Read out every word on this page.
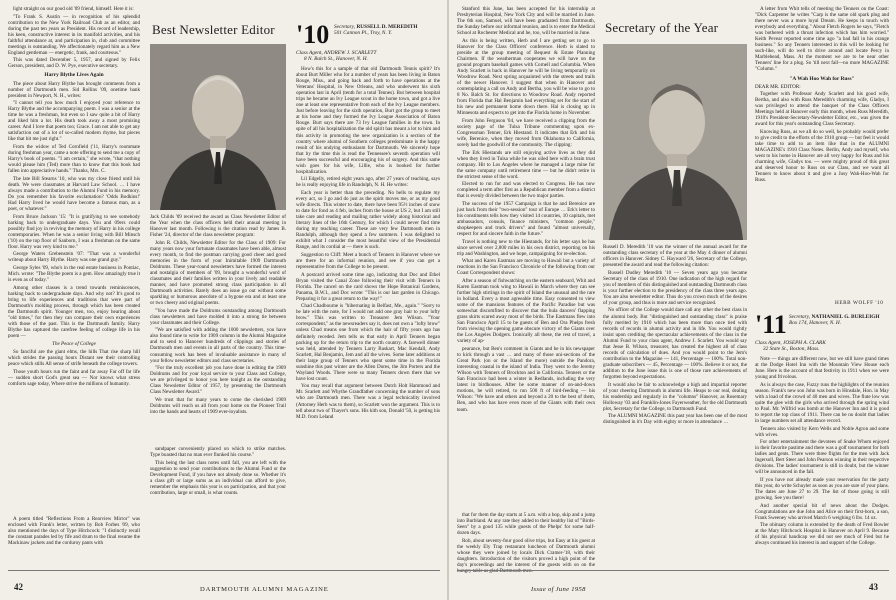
light straight on our good old '09 friend, himself. Here it is:

"To Frank S. Austin — in recognition of his splendid contribution to the New York Railroad Club as an editor, and during the past ten years as President. His record of leadership, his keen, constructive interest in its manifold activities, and his faithful attendance at, and participation in, club and committee meetings is outstanding. We affectionately regard him as a New England gentleman — energetic, frank, and courteous."

This was dated December 5, 1957, and signed by Felix Gerson, president, and D. W. Pye, executive secretary.

Harry Blythe Lives Again

The piece about Harry Blythe has brought comments from a number of Dartmouth men. Sid Rollins '09, onetime bank president in Newport, N. H., writes:

"I cannot tell you how much I enjoyed your reference to Harry Blythe and the accompanying poem. I was a senior at the time he was a freshman, but even so I saw quite a bit of Harry and liked him a lot. His death took away a most promising career. And I love that poem too; Grace. I am not able to get any satisfaction out of a lot of so-called modern rhyme, but pieces like that hit me just right."

From the widow of Ted Cornfield ('11, Harry's roommate during freshman year, came a note offering to send me a copy of Harry's book of poems. "I am certain," she wrote, "that nothing would please him (Ted) more than to know that this book had fallen into appreciative hands." Thanks, Mrs. C.

The late Bill Stearns '10, who was my close friend until his death. We were classmates at Harvard Law School. … I have always made a contribution to the Alumni Fund in his memory. Do you remember his favorite exclamation? 'Odds Bodkins!' Had Harry lived he would have become a famous man, as a poet, or whatever."

From Bruce Jackson '15: "It is gratifying to see somebody harking back to undergraduate days. You and 09ers could possibly find joy in reviving the memory of Harry in his college contemporaries. When he was a senior living with Bill Minsch ('10) on the top floor of Sanborn, I was a freshman on the same floor. Harry was very kind to me."

George Waters Grebenstein '07: "That was a wonderful writeup about Harry Blythe. Harry was one grand guy."

George Syles '09, who's in the real estate business in Pontiac, Mich. wrote: "The Blythe poem is a gem. How amazingly true it is even as of today."

Among other classes is a trend towards reminiscences, harking back to undergraduate days. And why not? It's good to bring to life experiences and traditions that were part of Dartmouth's molding process, through which has been created the Dartmouth spirit. Younger men, too, enjoy hearing about "old times," for then they can compare their own experiences with those of the past. This is the Dartmouth family. Harry Blythe has captured the carefree feeling of college life in his poem —

The Peace of College

So fanciful are the giant elms, the hills That rise sharp hill which strides the passing hours Distant see their controlling peace which stills All sense of strife beneath the college towers.

Those youth hours run the faint and far away Far off far life — sudden short God's great sea — Nor knows what stress comforts sage today, Where strive the millions of humanity.

A poem titled "Reflections From a Rearview Mirror" was enclosed with Frank's letter, written by Bob Forbes '09, who also mentioned the days of Type Hitchcock: "I distinctly recall the constant parades led by fife and drum to the final resume the Mackinaw jackets and the corduroy pants with

Best Newsletter Editor

Jack Childs '09 received the award as Class Newsletter Editor of the Year when the class officers held their annual meeting in Hanover last month. Following is the citation read by James B. Fisher '24, director of the class newsletter program:

John R. Childs, Newsletter Editor for the Class of 1909: For many years now your fortunate classmates have been able, almost every month, to find the postman carrying good cheer and good memories in the form of your Inimitable 1909 Dartmouth Doldrums. These year-round newsletters have formed the interest and nostalgia of members of '09, brought a wonderful word of classmates and their families written in your lively and readable manner, and have promoted strong class participation in all Dartmouth activities. Rarely does an issue go out without some sparkling or humorous anecdote of a bygone era and at least one or two cheery and original poems.

"You have made the Doldrums outstanding among Dartmouth class newsletters and have molded it into a strong tie between your classmates and their College.

"We are satisfied with adding the 1000 newsletters, you have also found time to write for 1909 column in the Alumni Magazine and to send to Hanover hundreds of clippings and stories of Dartmouth men and events in all parts of the country. This time-consuming work has been of invaluable assistance in many of your fellow newsletter editors and class secretaries.

"For the truly excellent job you have done in editing the 1909 Doldrums and for your loyal service to your Class and College, we are privileged to honor you here tonight as the outstanding Class Newsletter Editor of 1957, by presenting the Dartmouth Class Newsletter Award."

We trust that for many years to come the cherished 1909 Doldrums will reach us all from your home on the Pioneer Trail into the hands and hearts of 1909 ever-loyalists.

sandpaper conveniently placed on which to strike matches. Type boasted that no man ever flunked his course."

This being the last class notes until fall, you are left with the suggestion to send your contributions to the Alumni Fund or the Development Fund, if you have not already done so. Whether it's a class gift or large sums as an individual can afford to give, remember the emphasis this year is on participation, and that your contribution, large or small, is what counts.

'10 Secretary, RUSSELL D. MEREDITH
501 Cannon Pl., Troy, N. Y.
Class Agent, ANDREW J. SCARLETT
8 N. Balch St., Hanover, N. H.

How's this for a sample of that old Dartmouth Tennis spirit? It's about Burt Miller who for a number of years has been living in Baton Rouge, Miss., and going back and forth to have operations at the Veterans' Hospital, in New Orleans, and who underwent his sixth operation last in April (tenth for a total Tennes). But between hospital trips he became an Ivy League scout in the home town, and got a live one at least one representative from each of the Ivy League members. Just before leaving for the sixth operation, Burt got the group to meet at his home and they formed the Ivy League Association of Baton Rouge. Burt says there are 73 Ivy League families in the town. In spite of all his hospitalization the old spirit has meant a lot to him and this activity in promoting the new organization is a section of the country where alumni of Southern colleges predominate is the happy result of his undying enthusiasm for Dartmouth. We sincerely hope that by the time this is read the Tennessee's seventh operation will have been successful and encouraging his of surgery. And this same wish goes for his wife, Lillie, who is booked for further hospitalization.

Lil Edgelly, retired eight years ago, after 27 years of teaching, says he is really enjoying life in Randolph, N. H. He writes:

Each year is better than the preceding. No bells to regulate my every act, so I go and do just as the spirit moves me, or as my good wife directs. This winter to date, there have been 95½ inches of snow to date for fond as 4 feb, inches from the house at US 2, but I am still take care and reading and mailing rather widely along historical and literary lines of the 16th Century, for which I could never find time during my teaching career. These are very few Dartmouth men in Randolph, although they spend a few summers. I was delighted to exhibit what I consider the most beautiful view of the Presidential Range, and its cordial at — there is such.

Suggestion to Cliff: Meet a bunch of Tenners in Hanover where we are there for an informal reunion, and see if you can get a representative from the College to be present.

A postcard arrived some time ago, indicating that Doc and Ethel Bryan visited the Canal Zone following their visit with Tenners in Florida. The cancel on the card shows the Hope Botanical Gardens, Panama, B.W.I., and Doc wrote: "This is our last garden in Chicago. Preparing it for a great return to the way!"

Chad Chadbourne is "hibernating in Belfast, Me., again." "Sorry to be late with the note, for I would not add one gray hair to your lofty brow." This was written to Treasurer Jem Wilson. "Your correspondent," as the newsreaders say it, does not own a "lofty brow" unless Chad means one from which the hair of fifty years ago has definitely receded. Jem tells us that early in April Tenners began packing up for the return trip to the north country. A farewell dinner was held, attended by Tenners Larry Baskart, Mac Kendall, Andy Scarlett, Hal Benjamin, Jem and all the wives. Some later additions at their large group of Tenners who spent some time in the Florida sunshine this past winter are the Allen Dores, the Jim Porters and the Wayland Woods. There were so many Tenners down there that we have lost count.

You may recall that argument between Dutch Holt Hammond and Mr. Scarlett and Whythe Grandfather concerning the number of sons who are Dartmouth men. There was a legal technicality involved (Attorney Herb was to them), so Scarlett won the argument. This is to tell about two of Thayer's sons. His kith son, Donald '50, is getting his M.D. from Leland

42	DARTMOUTH ALUMNI MAGAZINE

Stanford this June, has been accepted for his internship at Presbyterian Hospital, New York City and will be married in June. The 6th son, Samuel, will have been graduated from Dartmouth, the Sunday before our informal reunion, and is to enter the Medical School at Rochester Medical and he, too, will be married in June.

As this is being written, Herb and I are getting set to go to Hanover for the Class Officers' conference. Herb is slated to preside at the group meeting of Bequest & Estate Planning Chairmen. If the weatherman cooperates we will have on the ground program baseball games with Cornell and Columbia. When Andy Scarlett is back in Hanover he will be living temporarily on Woodrow Road. Next spring acquainted with the streets and trails of the newer Hanover. I suggest that when in Hanover and contemplating a call on Andy and Bertha, you will be wise to go to 8 No. Balch St. for directions to Woodrow Road. Andy reported from Florida that Hal Benjamin had everything set for the start of his new and permanent home down there. Hal is closing up in Minnesota and expects to get into the Florida home in November.

From John Ferguson '04, we have received a clipping from the society page of the Tulsa Tribune commenting upon ex-Congressman Tenner, Erk Hiestand. It indicates that Erk and his wife, Berenice, when they moved from Oklahoma to California, sorely had the goodwill of the community. The clipping:

The Erk Hiestands are still enjoying active lives as they did when they lived in Tulsa while he was oiled here with a brain trust company. Hit to Los Angeles where he managed a large mine for the same company until retirement time — but he didn't retire in the strictest sense of the word.

Elected to run for and was elected to Congress. He has now completed a term after first as a Republican member from a district that is evenly divided between the two major parties.

The success of the 1957 Campaign is that he and Berenice are just back from their "two-session" tour of Europe … Erk's letter to his constituents tells how they visited 14 countries, 10 capitals, met ambassadors, consuls, finance ministers, "common people," shopkeepers and truck drivers" and found "almost universally, respect for and sincere faith in the future."

Travel is nothing new to the Hiestands, for his letter says he has since served over 2,800 miles in his own district, reporting on his trip and Washington, and we hope, campaigning for re-election.

What and Karen Eastman are moving to Hawaii but a variety of reactions in the San Francisco Chronicle of the following from our Coast Correspondent shows:

After a season of fishwatching on the eastern seaboard, Whit and Karen Eastman took wing to Hawaii in March where they can see further high stirrings in the spirit of Island the unusual and the rare in holland. Every a most agreeable time. Easy consented to view some of the mansions features of the Pacific Paradise but was somewhat discomfited to discover that the hula dancers' flapping grass skirts scared away most of the birds. The Eastmans flew into San Francisco April 15 to be guests of Ben and Ora Phelps fresh from viewing the opening game obscure victory of the Giants over the Los Angeles Dodgers. Ironically all these, the rest of travel, a variety of ap-

pearance, but Ben's comment in Giants and he in his newspaper to kick through a vast … and many of those uni-sections of the Great Park (on or the Island the more) outside the Pandora, interesting coastal in the island of India. They went to the Jeremy Wilson with Tenners of Brockton and in California. Tenners or the San Francisco had been a winter in Redlands, including the very latest in birdhouses. After he some manner of on-and-down motions, he will retired, to run 500 ft of bird-feeding — his Wilson: "We have and others and beyond a 20 to the best of them, Ben, and who has have even more of the Giants with their own team.

that for them the day starts at 5 a.m. with a bop, skip and a jump into Burbland. At any rate they added to their healthy list of "Birds-Seen" by a good 135 while guests of the Phelps' for some half-dozen days.

Rob, about seventy-four good olive trips, but Easy at his guest at the weekly Ely Trap restaurant luncheon of Dartmouth alumni whose they were joined by locals Dick Cramer-'18, with their daughters. Introduction of the visitors proved a high point of the day's proceedings and the interest of the guests with on on the

Secretary of the Year

Russell D. Meredith '10 was the winner of the annual award for the outstanding class secretary of the year at the May 4 dinner of alumni officers in Hanover. Sidney C. Hayward '26, Secretary of the College, presented the award and read the following citation:

Russell Dudley Meredith '10 — Seven years ago you became Secretary of the class of 1910. One indication of the high regard for you of members of this distinguished and outstanding Dartmouth class is your further election to the presidency of the class three years ago. You are also newsletter editor. Thus do you crown much of the desires of your group, and thus is more and service recognized.

No officer of the College would dare call any other the best class in the alumni body. But "distinguished and outstanding class" is praise fully merited by 1910 which has been more than once tied with records of records in alumni activity and in life. You would rightly insist upon crediting the spectacular achievements of the class in the Alumni Fund to your class agent, Andrew J. Scarlett. You would say that Jesse B. Wilson, treasurer, has created the highest all of class records of calculation of dues. And you would point to the Jem's contribution to the Magazine — 141, Percentage — 100%. Total non-graduate subscribers — 45, Percentage — 100%. Believe it or not, the addition to the June issue this is one of those rare achievements of forgotten beyond expectations.

It would also be fair to acknowledge a high and impartial reporter of your cheering Dartmouth in alumni life. Heaps to our real, dealing his readership and regularly in the "columns" Hanover, as Rosemary Holloway '03 and Franklin-Jones Fayerweather, for the old Dartmouth plot, Secretary for the College, to Dartmouth Fund.

The ALUMNI MAGAZINE this past year has been one of the most distinguished in it's Day with eighty or more in attendance …

A letter from Whit tells of meeting the Tenners on the Coast: "Dick Carpenter he writes "Carp is the same old spark plug and there never was a more loyal Dream. He keeps in touch with everybody and everything." About Fletch Rogers he says, "Fletch was bothered with a throat infection which has him worried." Keith Pevear reported some time ago "a bad fall in his orange business." So any Tenners interested in this will be looking for such-like, will do well to drive around and locate Percy in Marblehead, Mass. At the moment we are to be near other Tenners' line for a plug. So 'till next fall—no more MAGAZINE "Column."

"A Wah Hoo Wah for Russ"

DEAR MR. EDITOR:

Together with Professor Andy Scarlett and his good wife, Bertha, and also with Russ Meredith's charming wife, Gladys, I was privileged to attend the banquet of the Class Officers Meetings held at Hanover early this month, when Russ Meredith, 1910's President-Secretary-Newsletter Editor, etc., was given the award for this year's outstanding Class Secretary.

Knowing Russ, as we all do so well, he probably would prefer to give credit to the efforts of the 1910 group — but feel it would take time to add to an item like that in the ALUMNI MAGAZINE's 1910 Class Notes. Berlin, Andy and myself, who went to his home in Hanover are all very happy for Russ and his charming wife, Gladys too. — were mighty proud of this great and deserved honor to Russ on our Class, and we want all Tenners to know about it and give a Jusy Wah-Hoo-Wah for Russ.

HERB WOLFF '10
'11 Secretary, NATHANIEL G. BURLEIGH
Box 174, Hanover, N. H.
Class Agent, JOSEPH A. CLARK
32 State St., Boston, Mass.

Note — things are different now, but we still have grand times at the Dodge Hotel Inn with the Mountain View House each June. Here is the account of that festivity in 1911 when we were young and frivolous.

As is always the case, Fuzzy runs the highlights of the reunion season. Frank's new son John was born in Hinsdale, Hon. in May with a load of the crowd of 40 men and wives. The flute low was quite the glee with the girls who arrived through the spring wind to Paul. Mr. Wilfrid was bomb at the Hanover Inn and it is good to report the top class of 1911. There can be no doubt that ladies in large numbers set all attendance record.

Tenners also visited by Kern Wells and Noble Agron and some with wives.

For other entertainment the devotees of Snake Whom enjoyed in their favorite pastime and there was a golf tournament for both ladies and gents. There were three flights for the men with Jack Ingersoll, Bert Steer and John Pearson winning in their respective divisions. The ladies' tournament is still in doubt, but the winner will be announced in the fall.

If you have not already made your reservation for the party this year, do write Schuyler as soon as you are sure of your plans. The dates are June 27 to 29. The list of those going is still growing. See you there!

And another special bit of news about the Dodges. Congratulations are due John and Alice on their first-born, a son, Frank Sweeney who arrived March 6 weighing 6 lbs. 14 oz.

The obituary column is extended by the death of Fred Bowler at the Mary Hitchcock Hospital in Hanover on April 9. Because of his physical handicap we did not see much of Fred but he always continued his interest in and support of the College.

Issue of June 1958	43
